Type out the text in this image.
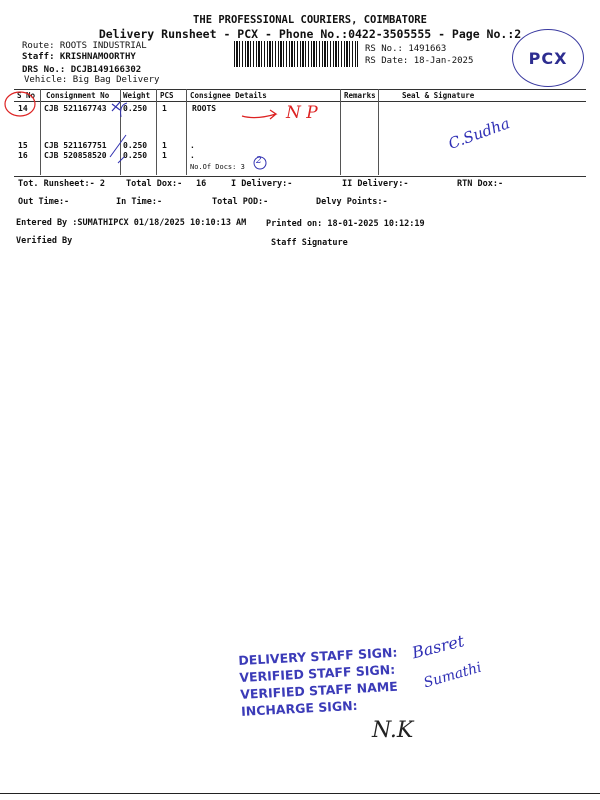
THE PROFESSIONAL COURIERS, COIMBATORE
Delivery Runsheet - PCX - Phone No.:0422-3505555 - Page No.:2
Route: ROOTS INDUSTRIAL
Staff: KRISHNAMOORTHY
DRS No.: DCJB149166302
Vehicle: Big Bag Delivery
RS No.: 1491663
RS Date: 18-Jan-2025	PCX
S No Consignment No Weight PCS Consignee Details	Remarks	Seal & Signature
14 CJB 521167743 0.250 1	ROOTS
15 CJB 521167751 0.250 1	.
16 CJB 520858520 0.250 1	.
No.Of Docs: 3
N P
2
C.Sudha
Tot. Runsheet:- 2 Total Dox:- 16	I Delivery:-	II Delivery:-	RTN Dox:-
Out Time:-	In Time:-	Total POD:-	Delvy Points:-
Entered By :SUMATHIPCX 01/18/2025 10:10:13 AM Printed on: 18-01-2025 10:12:19
Verified By	Staff Signature
DELIVERY STAFF SIGN:
VERIFIED STAFF SIGN:
VERIFIED STAFF NAME
INCHARGE SIGN:
Basret
Sumathi
N.K
